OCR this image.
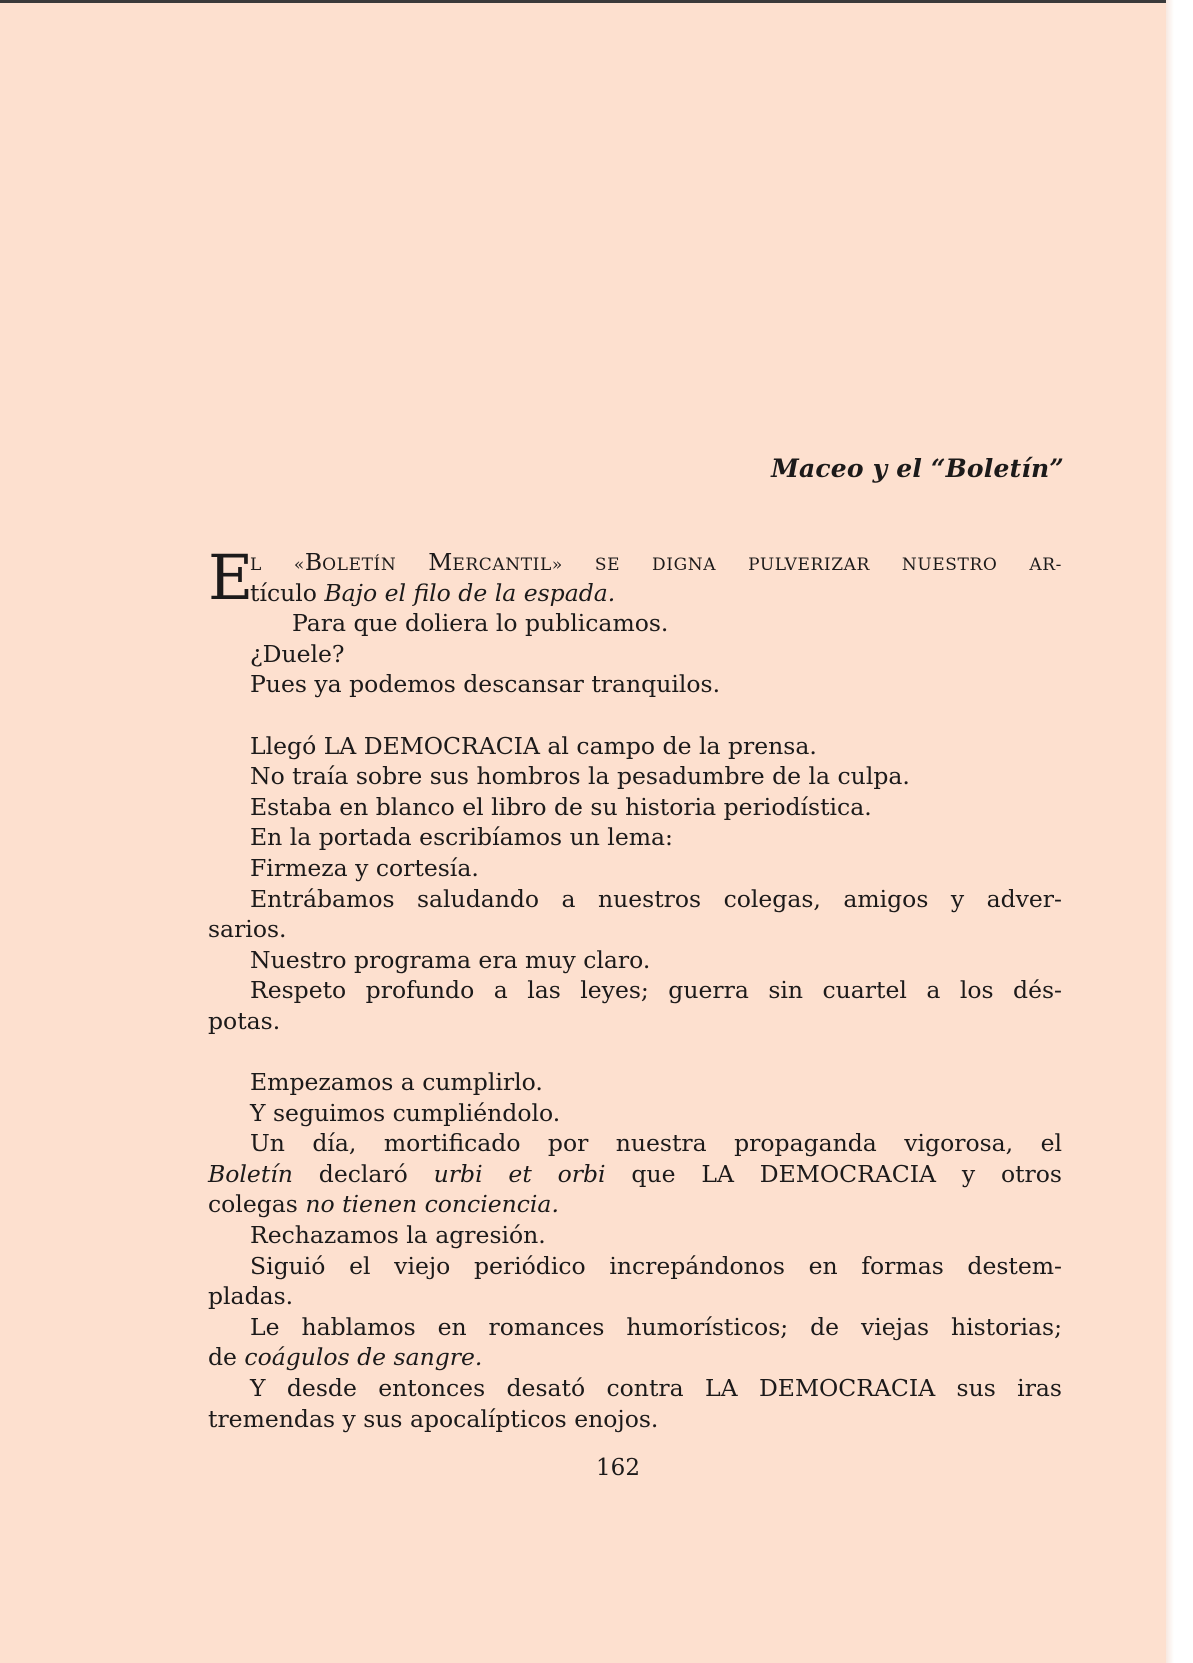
Maceo y el “Boletín”
E
L «BOLETÍN MERCANTIL» SE DIGNA PULVERIZAR NUESTRO AR-
tículo Bajo el filo de la espada.
Para que doliera lo publicamos.
¿Duele?
Pues ya podemos descansar tranquilos.
Llegó LA DEMOCRACIA al campo de la prensa.
No traía sobre sus hombros la pesadumbre de la culpa.
Estaba en blanco el libro de su historia periodística.
En la portada escribíamos un lema:
Firmeza y cortesía.
Entrábamos saludando a nuestros colegas, amigos y adver-
sarios.
Nuestro programa era muy claro.
Respeto profundo a las leyes; guerra sin cuartel a los dés-
potas.
Empezamos a cumplirlo.
Y seguimos cumpliéndolo.
Un día, mortificado por nuestra propaganda vigorosa, el
Boletín declaró urbi et orbi que LA DEMOCRACIA y otros
colegas no tienen conciencia.
Rechazamos la agresión.
Siguió el viejo periódico increpándonos en formas destem-
pladas.
Le hablamos en romances humorísticos; de viejas historias;
de coágulos de sangre.
Y desde entonces desató contra LA DEMOCRACIA sus iras
tremendas y sus apocalípticos enojos.
162
